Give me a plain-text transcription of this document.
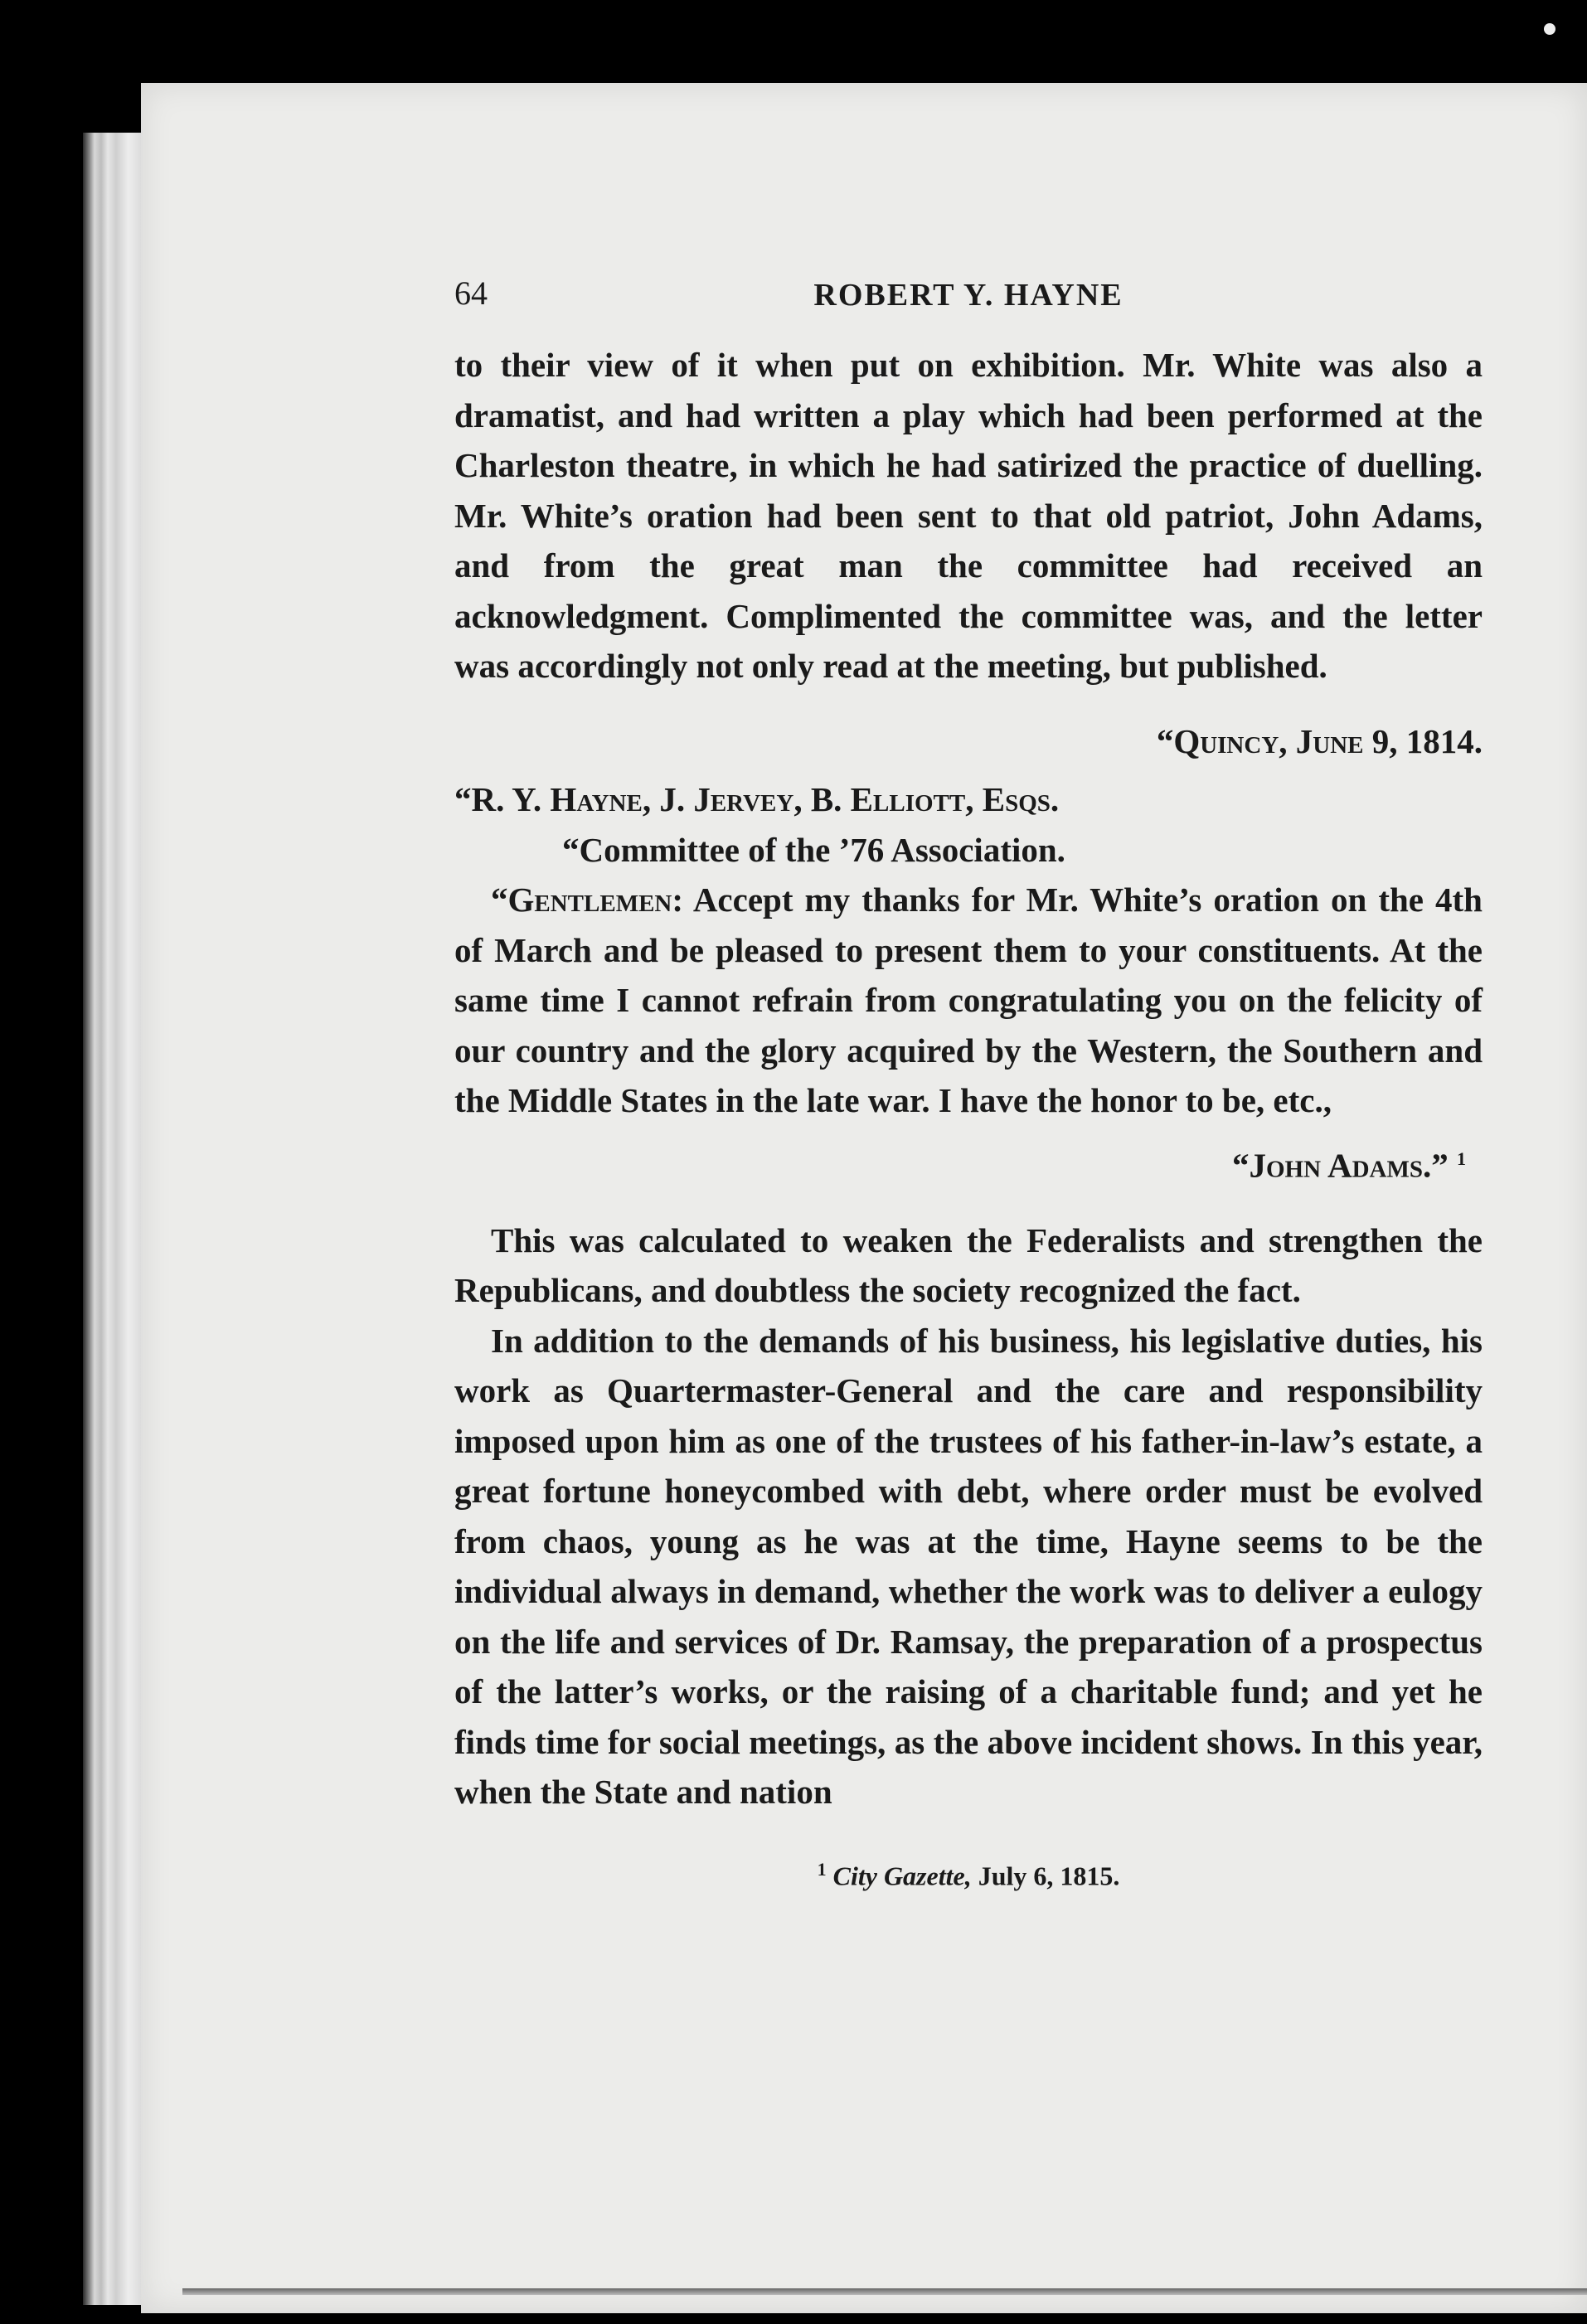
64	ROBERT Y. HAYNE

to their view of it when put on exhibition. Mr. White was also a dramatist, and had written a play which had been performed at the Charleston theatre, in which he had satirized the practice of duelling. Mr. White’s oration had been sent to that old patriot, John Adams, and from the great man the committee had received an acknowledgment. Complimented the committee was, and the letter was accordingly not only read at the meeting, but published.

“Quincy, June 9, 1814.

“R. Y. Hayne, J. Jervey, B. Elliott, Esqs.

“Committee of the ’76 Association.

“Gentlemen: Accept my thanks for Mr. White’s oration on the 4th of March and be pleased to present them to your constituents. At the same time I cannot refrain from congratulating you on the felicity of our country and the glory acquired by the Western, the Southern and the Middle States in the late war. I have the honor to be, etc.,

“John Adams.” $^1$

This was calculated to weaken the Federalists and strengthen the Republicans, and doubtless the society recognized the fact.

In addition to the demands of his business, his legislative duties, his work as Quartermaster-General and the care and responsibility imposed upon him as one of the trustees of his father-in-law’s estate, a great fortune honeycombed with debt, where order must be evolved from chaos, young as he was at the time, Hayne seems to be the individual always in demand, whether the work was to deliver a eulogy on the life and services of Dr. Ramsay, the preparation of a prospectus of the latter’s works, or the raising of a charitable fund; and yet he finds time for social meetings, as the above incident shows. In this year, when the State and nation

$^1$ City Gazette, July 6, 1815.
